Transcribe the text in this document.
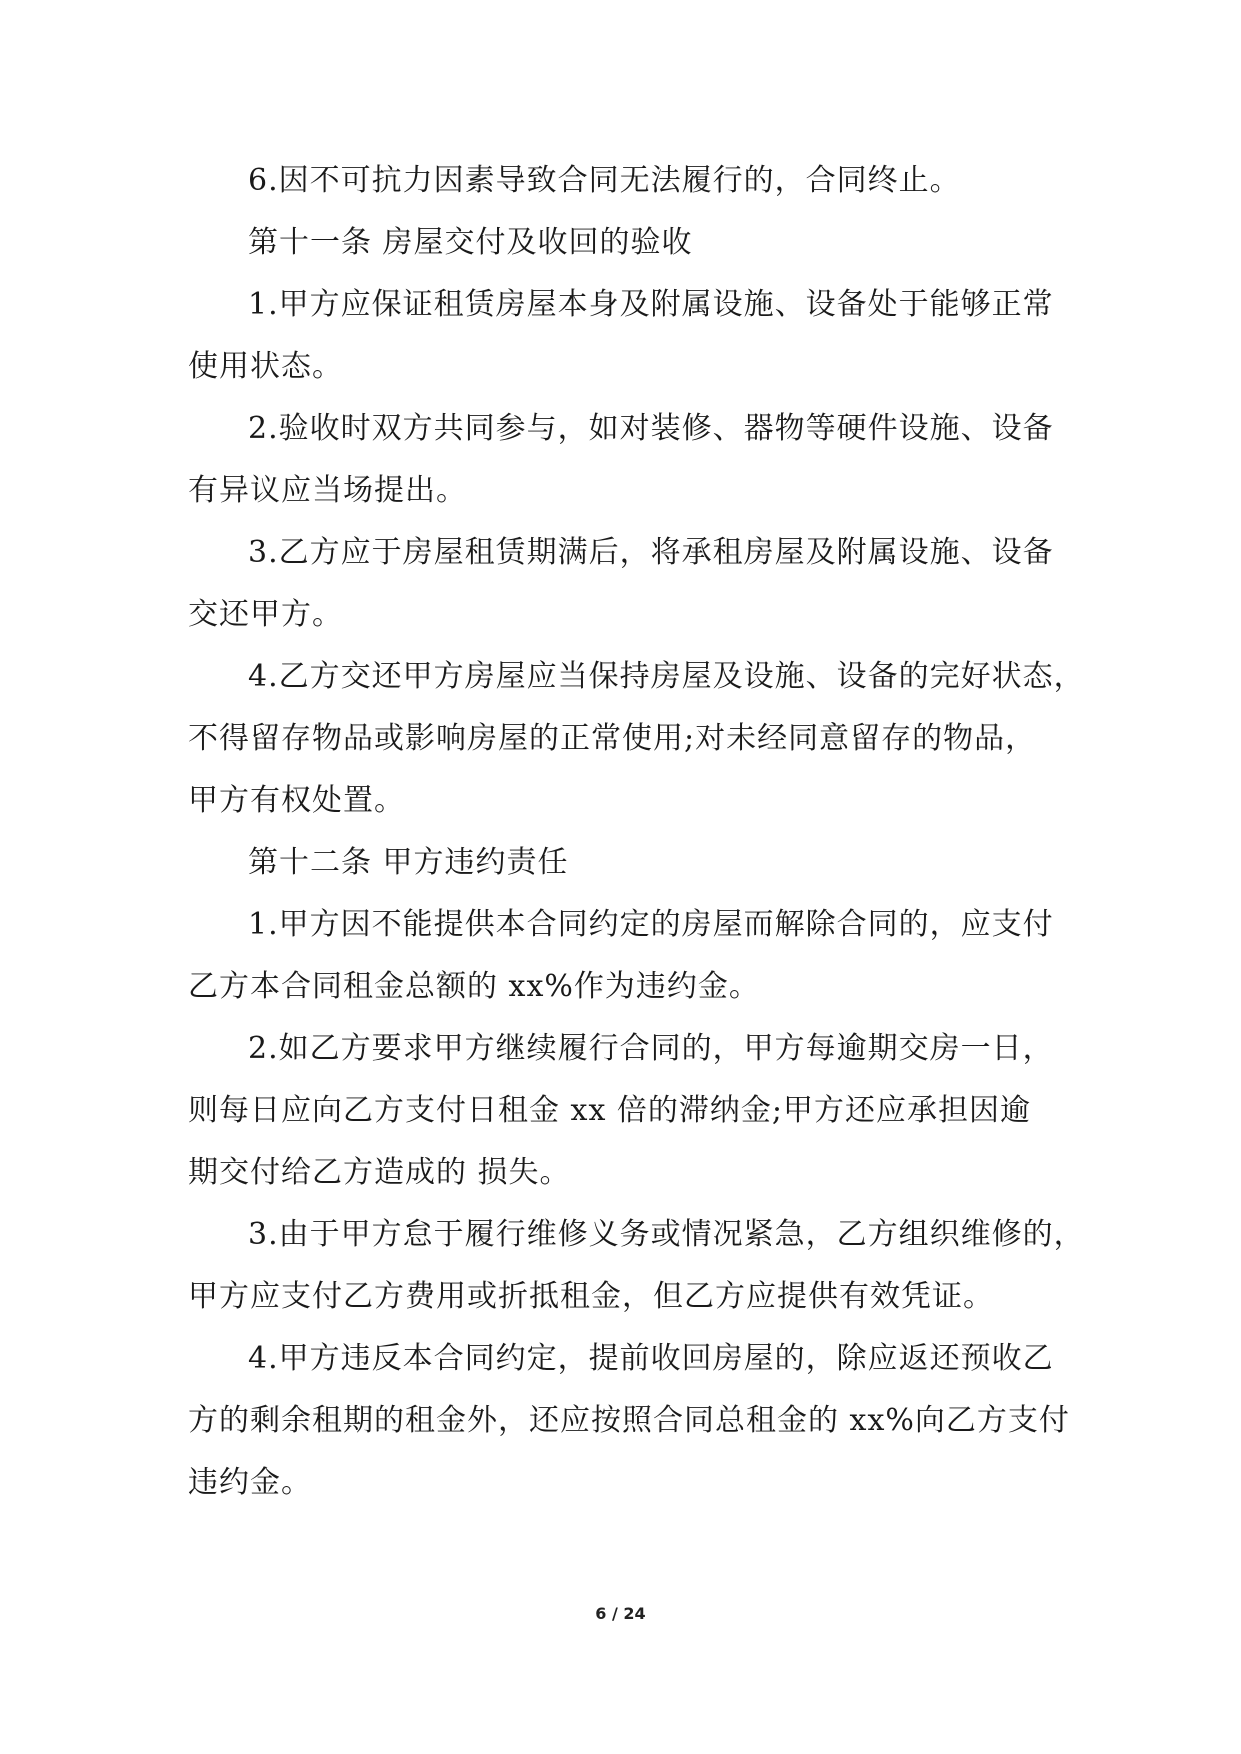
6.因不可抗力因素导致合同无法履行的，合同终止。
第十一条 房屋交付及收回的验收
1.甲方应保证租赁房屋本身及附属设施、设备处于能够正常
使用状态。
2.验收时双方共同参与，如对装修、器物等硬件设施、设备
有异议应当场提出。
3.乙方应于房屋租赁期满后，将承租房屋及附属设施、设备
交还甲方。
4.乙方交还甲方房屋应当保持房屋及设施、设备的完好状态，
不得留存物品或影响房屋的正常使用;对未经同意留存的物品，
甲方有权处置。
第十二条 甲方违约责任
1.甲方因不能提供本合同约定的房屋而解除合同的，应支付
乙方本合同租金总额的 xx%作为违约金。
2.如乙方要求甲方继续履行合同的，甲方每逾期交房一日，
则每日应向乙方支付日租金 xx 倍的滞纳金;甲方还应承担因逾
期交付给乙方造成的 损失。
3.由于甲方怠于履行维修义务或情况紧急，乙方组织维修的，
甲方应支付乙方费用或折抵租金，但乙方应提供有效凭证。
4.甲方违反本合同约定，提前收回房屋的，除应返还预收乙
方的剩余租期的租金外，还应按照合同总租金的 xx%向乙方支付
违约金。
6 / 24
